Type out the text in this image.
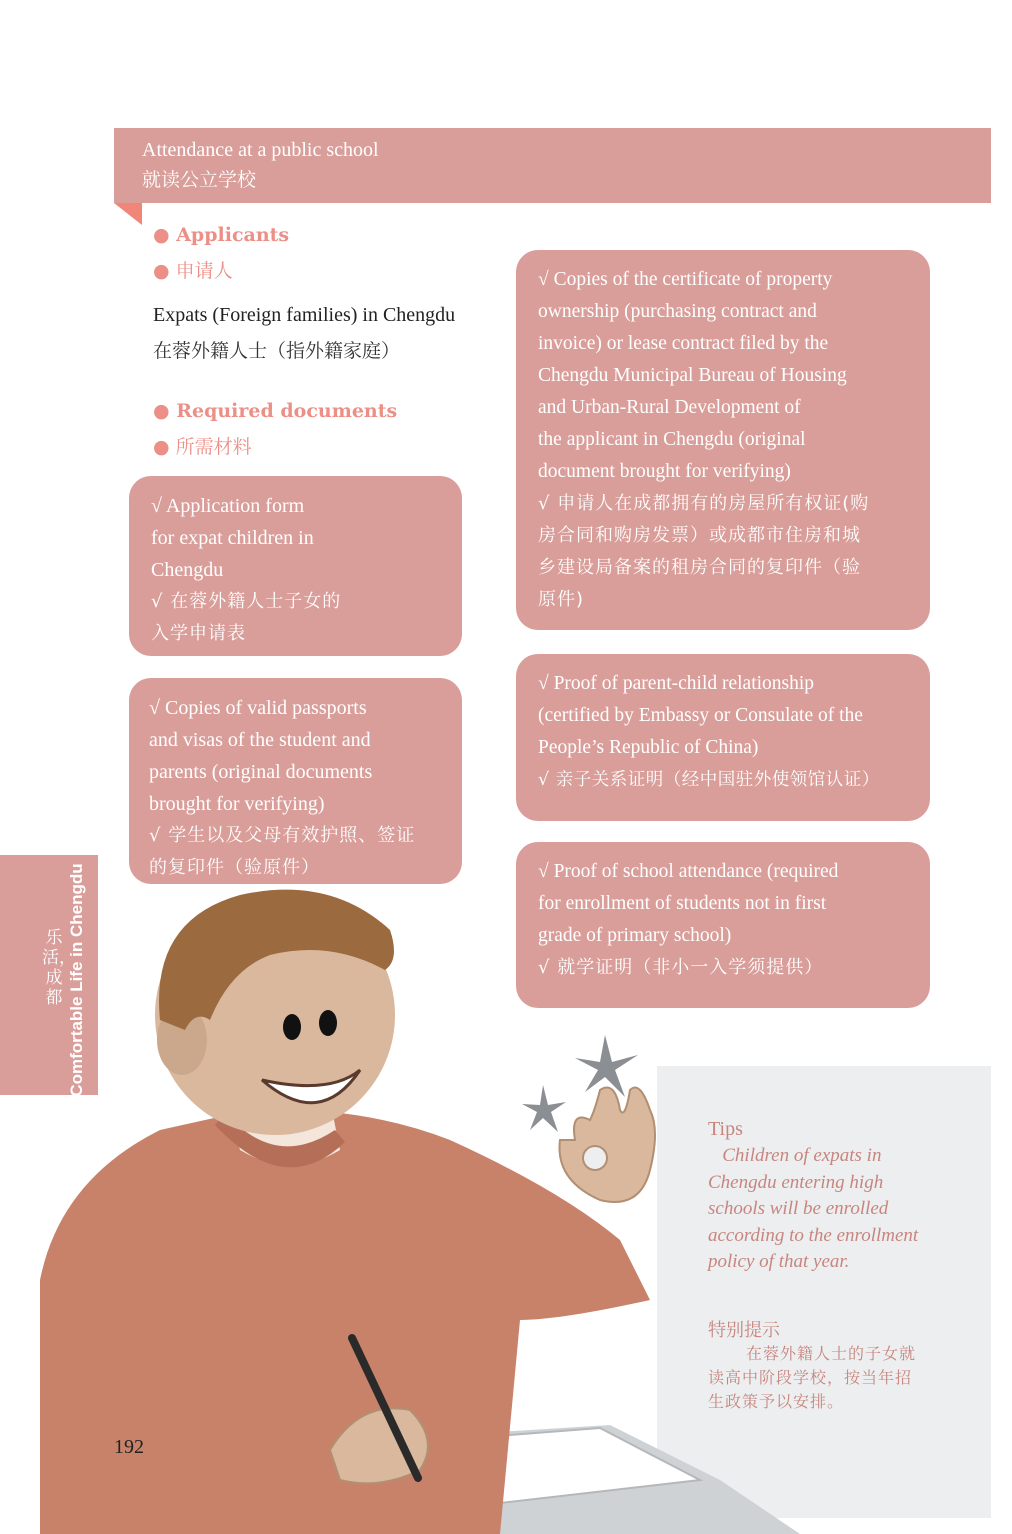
Attendance at a public school
就读公立学校
● Applicants
● 申请人
Expats (Foreign families) in Chengdu
在蓉外籍人士（指外籍家庭）
● Required documents
● 所需材料
√ Application form
for expat children in
Chengdu
√ 在蓉外籍人士子女的
入学申请表
√ Copies of valid passports
and visas of the student and
parents (original documents
brought for verifying)
√ 学生以及父母有效护照、签证
的复印件（验原件）
√ Copies of the certificate of property
ownership (purchasing contract and
invoice) or lease contract filed by the
Chengdu Municipal Bureau of Housing
and Urban-Rural Development of
the applicant in Chengdu (original
document brought for verifying)
√ 申请人在成都拥有的房屋所有权证(购
房合同和购房发票）或成都市住房和城
乡建设局备案的租房合同的复印件（验
原件)
√ Proof of parent-child relationship
(certified by Embassy or Consulate of the
People’s Republic of China)
√ 亲子关系证明（经中国驻外使领馆认证）
√ Proof of school attendance (required
for enrollment of students not in first
grade of primary school)
√ 就学证明（非小一入学须提供）
Comfortable Life in Chengdu
乐活，成都
Tips
Children of expats in Chengdu entering high schools will be enrolled according to the enrollment policy of that year.
特别提示
在蓉外籍人士的子女就读高中阶段学校，按当年招生政策予以安排。
192
